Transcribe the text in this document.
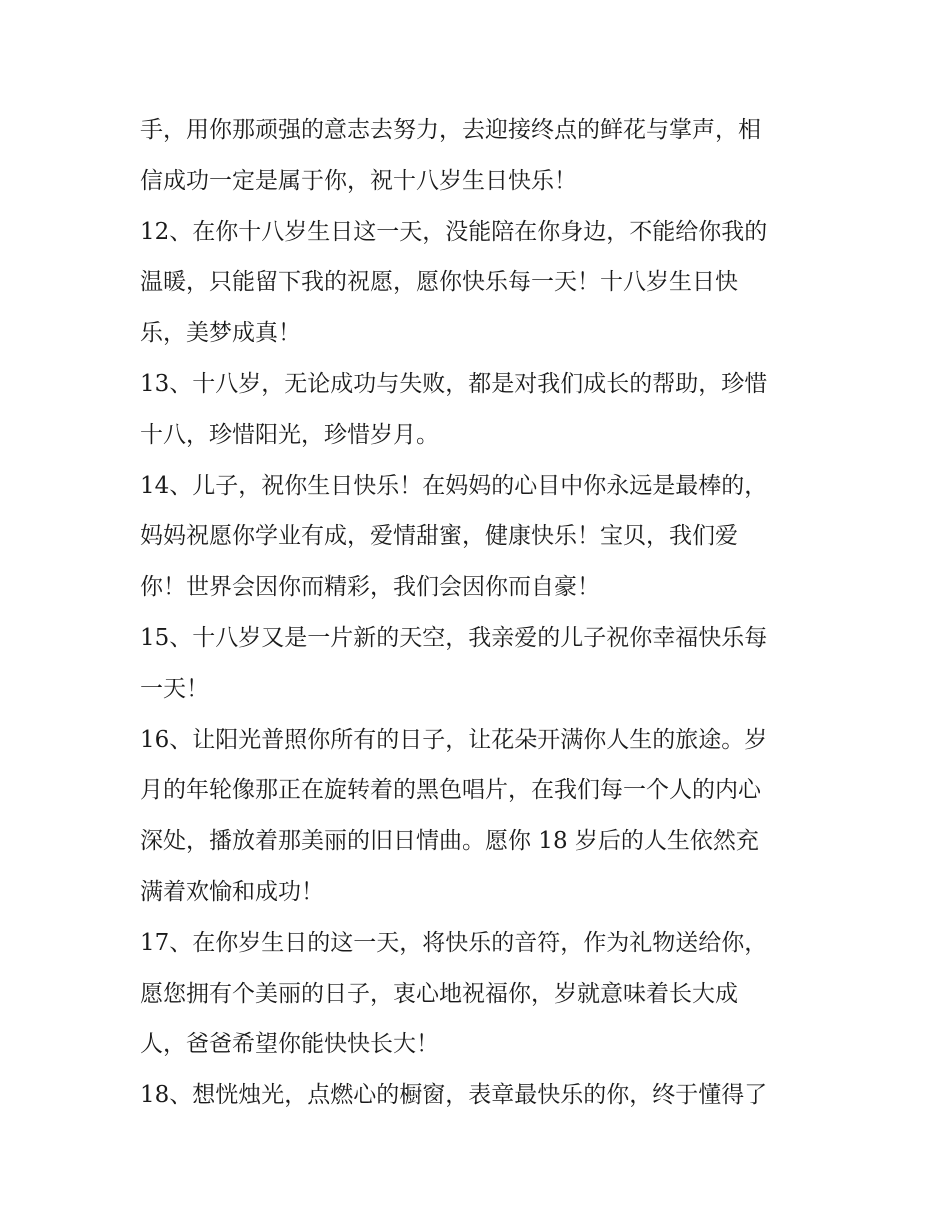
手，用你那顽强的意志去努力，去迎接终点的鲜花与掌声，相
信成功一定是属于你，祝十八岁生日快乐！
12、在你十八岁生日这一天，没能陪在你身边，不能给你我的
温暖，只能留下我的祝愿，愿你快乐每一天！十八岁生日快
乐，美梦成真！
13、十八岁，无论成功与失败，都是对我们成长的帮助，珍惜
十八，珍惜阳光，珍惜岁月。
14、儿子，祝你生日快乐！在妈妈的心目中你永远是最棒的，
妈妈祝愿你学业有成，爱情甜蜜，健康快乐！宝贝，我们爱
你！世界会因你而精彩，我们会因你而自豪！
15、十八岁又是一片新的天空，我亲爱的儿子祝你幸福快乐每
一天！
16、让阳光普照你所有的日子，让花朵开满你人生的旅途。岁
月的年轮像那正在旋转着的黑色唱片，在我们每一个人的内心
深处，播放着那美丽的旧日情曲。愿你 18 岁后的人生依然充
满着欢愉和成功！
17、在你岁生日的这一天，将快乐的音符，作为礼物送给你，
愿您拥有个美丽的日子，衷心地祝福你，岁就意味着长大成
人，爸爸希望你能快快长大！
18、想恍烛光，点燃心的橱窗，表章最快乐的你，终于懂得了
